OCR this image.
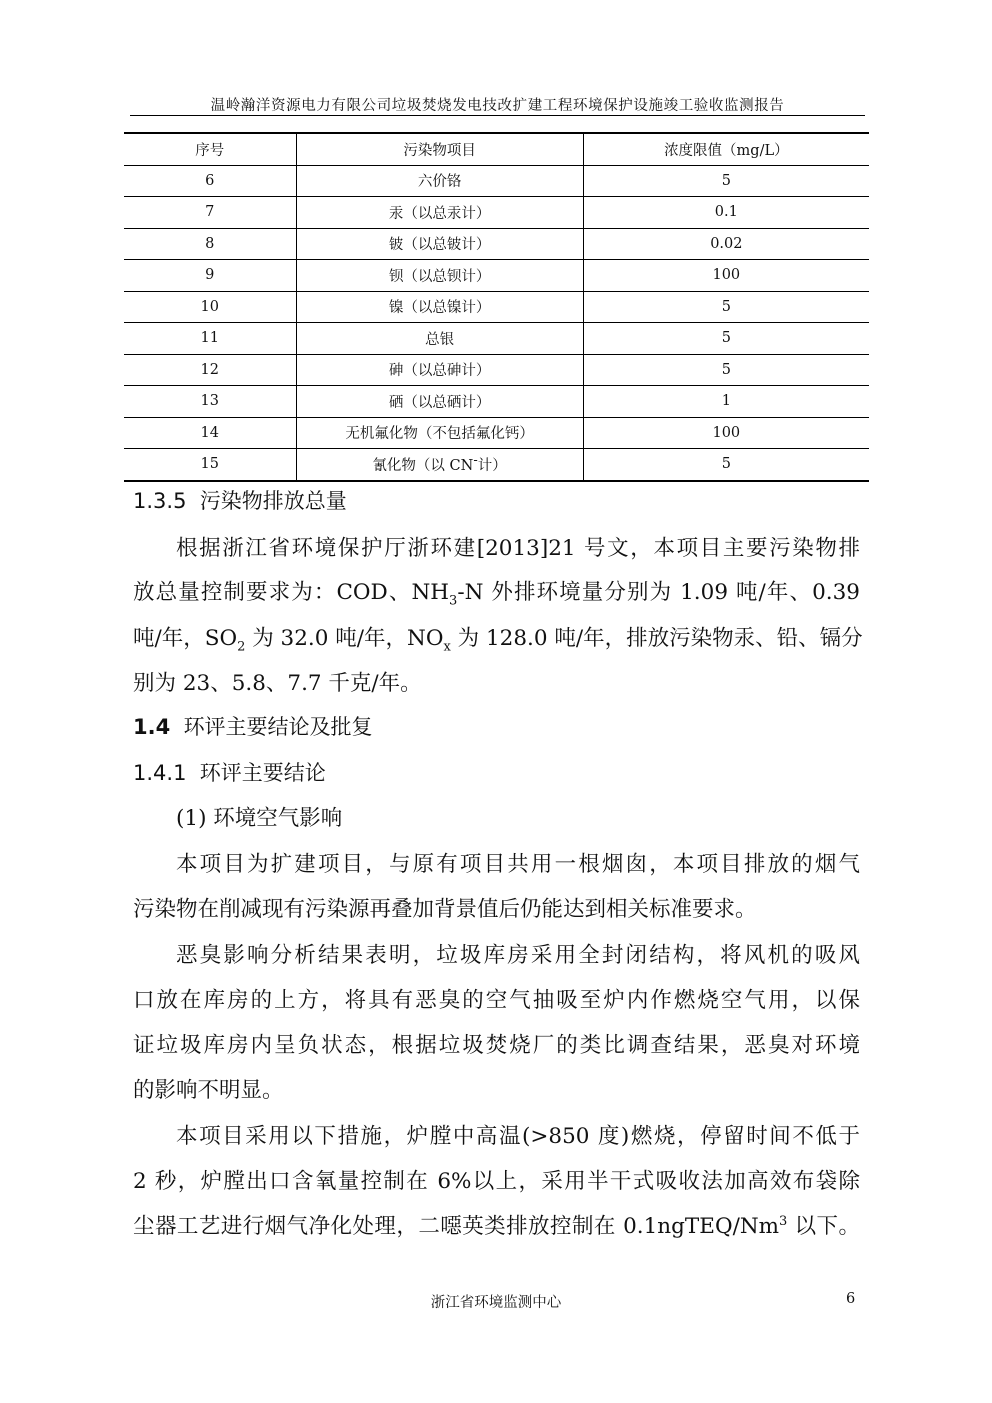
温岭瀚洋资源电力有限公司垃圾焚烧发电技改扩建工程环境保护设施竣工验收监测报告
序号	污染物项目	浓度限值（mg/L）
6	六价铬	5
7	汞（以总汞计）	0.1
8	铍（以总铍计）	0.02
9	钡（以总钡计）	100
10	镍（以总镍计）	5
11	总银	5
12	砷（以总砷计）	5
13	硒（以总硒计）	1
14	无机氟化物（不包括氟化钙）	100
15	氰化物（以 CN-计）	5
1.3.5 污染物排放总量
根据浙江省环境保护厅浙环建[2013]21 号文，本项目主要污染物排
放总量控制要求为：COD、$NH_3-N$ 外排环境量分别为 1.09 吨/年、0.39
吨/年，$SO_2$ 为 32.0 吨/年，$NO_x$ 为 128.0 吨/年，排放污染物汞、铅、镉分
别为 23、5.8、7.7 千克/年。
1.4 环评主要结论及批复
1.4.1 环评主要结论
(1) 环境空气影响
本项目为扩建项目，与原有项目共用一根烟囱，本项目排放的烟气
污染物在削减现有污染源再叠加背景值后仍能达到相关标准要求。
恶臭影响分析结果表明，垃圾库房采用全封闭结构，将风机的吸风
口放在库房的上方，将具有恶臭的空气抽吸至炉内作燃烧空气用，以保
证垃圾库房内呈负状态，根据垃圾焚烧厂的类比调查结果，恶臭对环境
的影响不明显。
本项目采用以下措施，炉膛中高温(>850 度)燃烧，停留时间不低于
2 秒，炉膛出口含氧量控制在 6%以上，采用半干式吸收法加高效布袋除
尘器工艺进行烟气净化处理，二噁英类排放控制在 0.1ngTEQ/Nm$^3$ 以下。
浙江省环境监测中心	6
